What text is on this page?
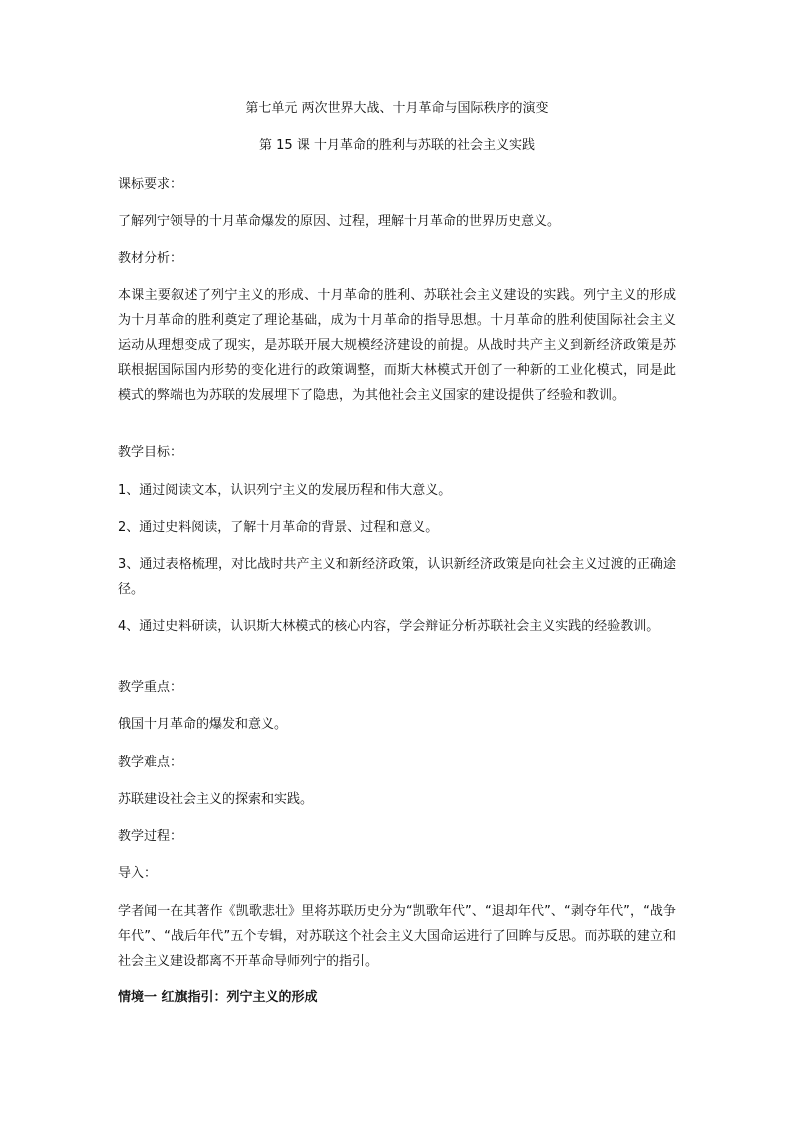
第七单元 两次世界大战、十月革命与国际秩序的演变
第 15 课 十月革命的胜利与苏联的社会主义实践
课标要求：
了解列宁领导的十月革命爆发的原因、过程，理解十月革命的世界历史意义。
教材分析：
本课主要叙述了列宁主义的形成、十月革命的胜利、苏联社会主义建设的实践。列宁主义的形成为十月革命的胜利奠定了理论基础，成为十月革命的指导思想。十月革命的胜利使国际社会主义运动从理想变成了现实，是苏联开展大规模经济建设的前提。从战时共产主义到新经济政策是苏联根据国际国内形势的变化进行的政策调整，而斯大林模式开创了一种新的工业化模式，同是此模式的弊端也为苏联的发展埋下了隐患，为其他社会主义国家的建设提供了经验和教训。
教学目标：
1、通过阅读文本，认识列宁主义的发展历程和伟大意义。
2、通过史料阅读，了解十月革命的背景、过程和意义。
3、通过表格梳理，对比战时共产主义和新经济政策，认识新经济政策是向社会主义过渡的正确途径。
4、通过史料研读，认识斯大林模式的核心内容，学会辩证分析苏联社会主义实践的经验教训。
教学重点：
俄国十月革命的爆发和意义。
教学难点：
苏联建设社会主义的探索和实践。
教学过程：
导入：
学者闻一在其著作《凯歌悲壮》里将苏联历史分为“凯歌年代”、“退却年代”、“剥夺年代”，“战争年代”、“战后年代”五个专辑，对苏联这个社会主义大国命运进行了回眸与反思。而苏联的建立和社会主义建设都离不开革命导师列宁的指引。
情境一 红旗指引：列宁主义的形成
